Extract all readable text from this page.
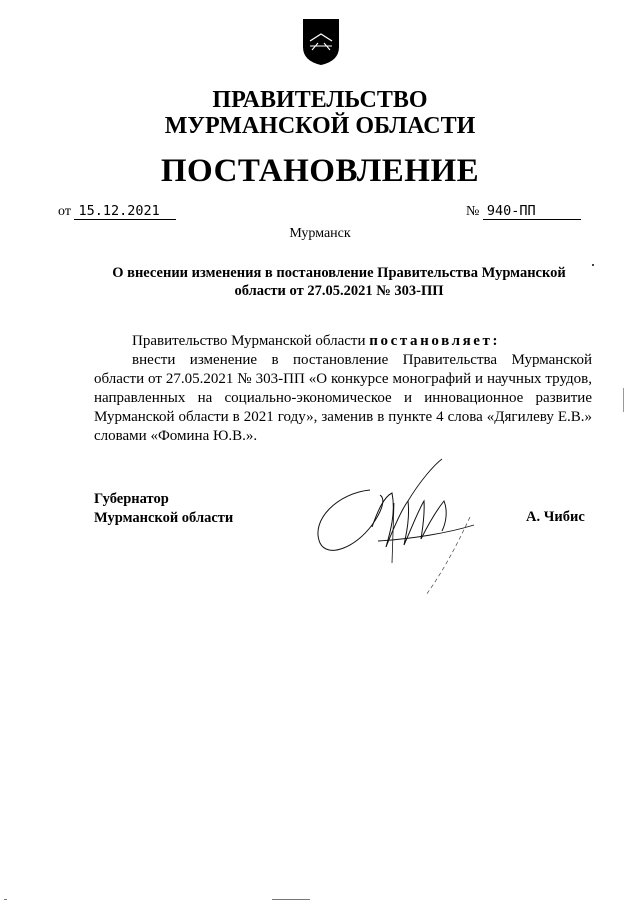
ПРАВИТЕЛЬСТВО
МУРМАНСКОЙ ОБЛАСТИ
ПОСТАНОВЛЕНИЕ
от 15.12.2021	№ 940-ПП
Мурманск
О внесении изменения в постановление Правительства Мурманской
области от 27.05.2021 № 303-ПП

Правительство Мурманской области постановляет:

внести изменение в постановление Правительства Мурманской области от 27.05.2021 № 303-ПП «О конкурсе монографий и научных трудов, направленных на социально-экономическое и инновационное развитие Мурманской области в 2021 году», заменив в пункте 4 слова «Дягилеву Е.В.» словами «Фомина Ю.В.».

Губернатор
Мурманской области	А. Чибис
